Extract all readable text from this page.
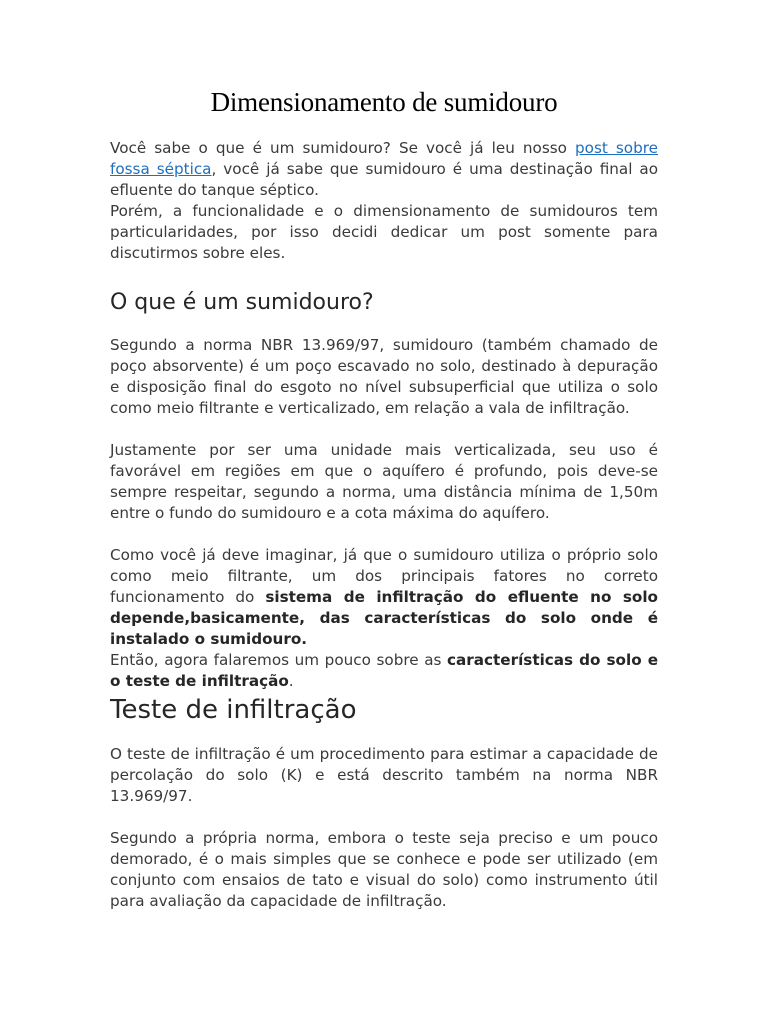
Dimensionamento de sumidouro

Você sabe o que é um sumidouro? Se você já leu nosso post sobre fossa séptica, você já sabe que sumidouro é uma destinação final ao efluente do tanque séptico.

Porém, a funcionalidade e o dimensionamento de sumidouros tem particularidades, por isso decidi dedicar um post somente para discutirmos sobre eles.

O que é um sumidouro?

Segundo a norma NBR 13.969/97, sumidouro (também chamado de poço absorvente) é um poço escavado no solo, destinado à depuração e disposição final do esgoto no nível subsuperficial que utiliza o solo como meio filtrante e verticalizado, em relação a vala de infiltração.

Justamente por ser uma unidade mais verticalizada, seu uso é favorável em regiões em que o aquífero é profundo, pois deve-se sempre respeitar, segundo a norma, uma distância mínima de 1,50m entre o fundo do sumidouro e a cota máxima do aquífero.

Como você já deve imaginar, já que o sumidouro utiliza o próprio solo como meio filtrante, um dos principais fatores no correto funcionamento do sistema de infiltração do efluente no solo depende,basicamente, das características do solo onde é instalado o sumidouro.

Então, agora falaremos um pouco sobre as características do solo e o teste de infiltração.

Teste de infiltração

O teste de infiltração é um procedimento para estimar a capacidade de percolação do solo (K) e está descrito também na norma NBR 13.969/97.

Segundo a própria norma, embora o teste seja preciso e um pouco demorado, é o mais simples que se conhece e pode ser utilizado (em conjunto com ensaios de tato e visual do solo) como instrumento útil para avaliação da capacidade de infiltração.
